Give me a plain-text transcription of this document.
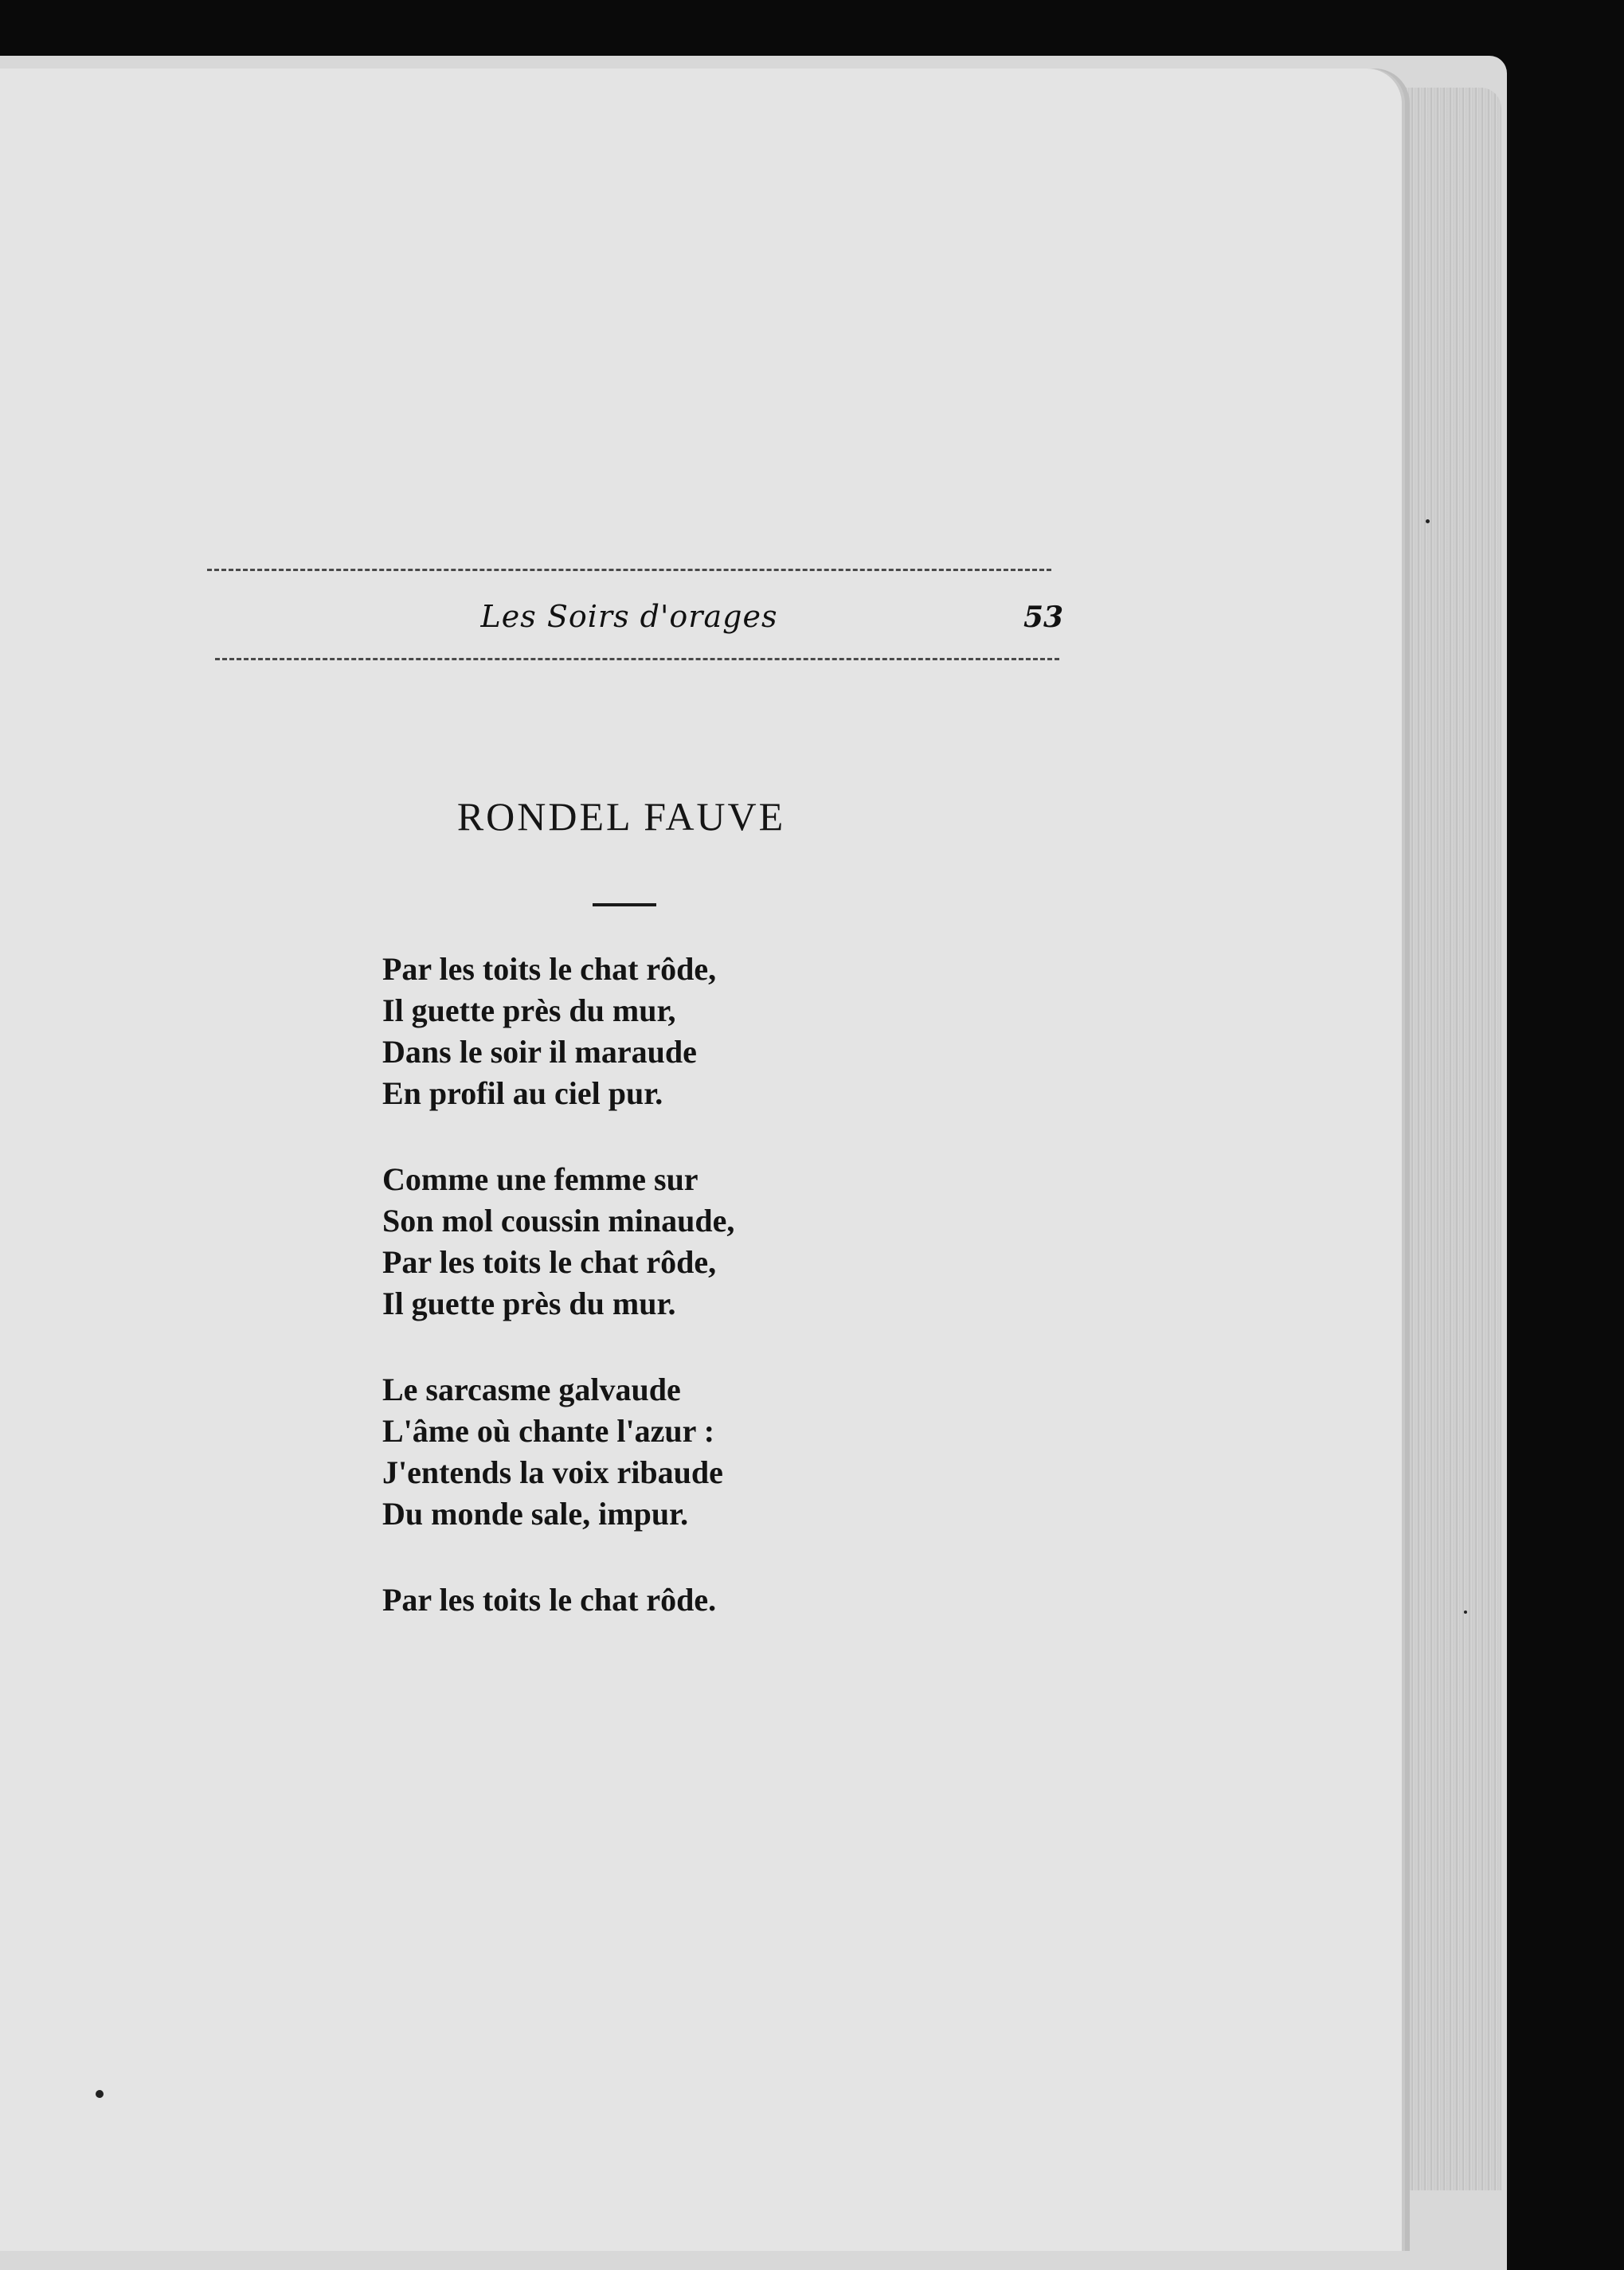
Les Soirs d'orages	53
RONDEL FAUVE
Par les toits le chat rôde,
Il guette près du mur,
Dans le soir il maraude
En profil au ciel pur.
Comme une femme sur
Son mol coussin minaude,
Par les toits le chat rôde,
Il guette près du mur.
Le sarcasme galvaude
L'âme où chante l'azur :
J'entends la voix ribaude
Du monde sale, impur.
Par les toits le chat rôde.
